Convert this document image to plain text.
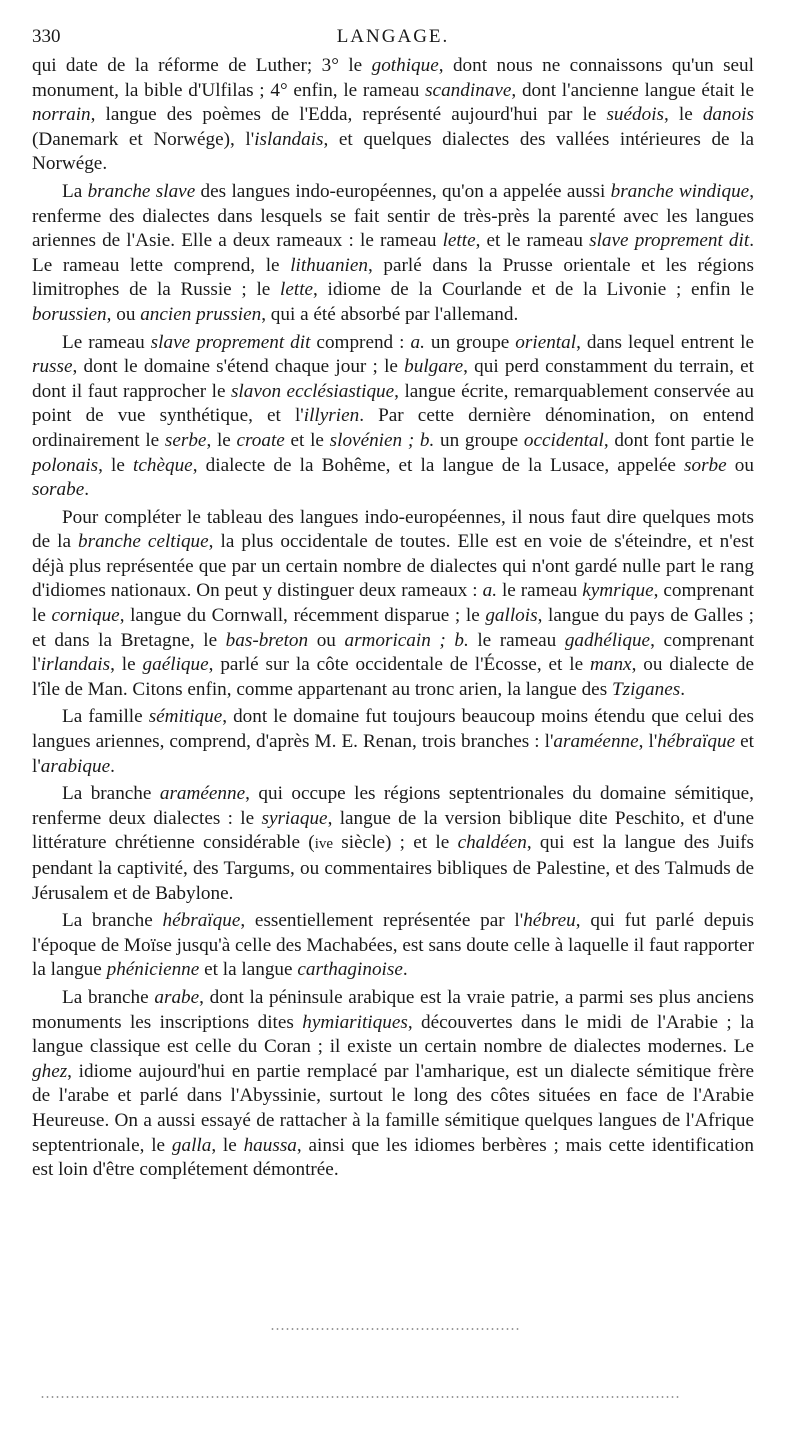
330	LANGAGE.

qui date de la réforme de Luther; 3° le gothique, dont nous ne connaissons qu'un seul monument, la bible d'Ulfilas ; 4° enfin, le rameau scandinave, dont l'ancienne langue était le norrain, langue des poèmes de l'Edda, représenté aujourd'hui par le suédois, le danois (Danemark et Norwége), l'islandais, et quelques dialectes des vallées intérieures de la Norwége.

La branche slave des langues indo-européennes, qu'on a appelée aussi branche windique, renferme des dialectes dans lesquels se fait sentir de très-près la parenté avec les langues ariennes de l'Asie. Elle a deux rameaux : le rameau lette, et le rameau slave proprement dit. Le rameau lette comprend, le lithuanien, parlé dans la Prusse orientale et les régions limitrophes de la Russie ; le lette, idiome de la Courlande et de la Livonie ; enfin le borussien, ou ancien prussien, qui a été absorbé par l'allemand.

Le rameau slave proprement dit comprend : a. un groupe oriental, dans lequel entrent le russe, dont le domaine s'étend chaque jour ; le bulgare, qui perd constamment du terrain, et dont il faut rapprocher le slavon ecclésiastique, langue écrite, remarquablement conservée au point de vue synthétique, et l'illyrien. Par cette dernière dénomination, on entend ordinairement le serbe, le croate et le slovénien ; b. un groupe occidental, dont font partie le polonais, le tchèque, dialecte de la Bohême, et la langue de la Lusace, appelée sorbe ou sorabe.

Pour compléter le tableau des langues indo-européennes, il nous faut dire quelques mots de la branche celtique, la plus occidentale de toutes. Elle est en voie de s'éteindre, et n'est déjà plus représentée que par un certain nombre de dialectes qui n'ont gardé nulle part le rang d'idiomes nationaux. On peut y distinguer deux rameaux : a. le rameau kymrique, comprenant le cornique, langue du Cornwall, récemment disparue ; le gallois, langue du pays de Galles ; et dans la Bretagne, le bas-breton ou armoricain ; b. le rameau gadhélique, comprenant l'irlandais, le gaélique, parlé sur la côte occidentale de l'Écosse, et le manx, ou dialecte de l'île de Man. Citons enfin, comme appartenant au tronc arien, la langue des Tziganes.

La famille sémitique, dont le domaine fut toujours beaucoup moins étendu que celui des langues ariennes, comprend, d'après M. E. Renan, trois branches : l'araméenne, l'hébraïque et l'arabique.

La branche araméenne, qui occupe les régions septentrionales du domaine sémitique, renferme deux dialectes : le syriaque, langue de la version biblique dite Peschito, et d'une littérature chrétienne considérable (ive siècle) ; et le chaldéen, qui est la langue des Juifs pendant la captivité, des Targums, ou commentaires bibliques de Palestine, et des Talmuds de Jérusalem et de Babylone.

La branche hébraïque, essentiellement représentée par l'hébreu, qui fut parlé depuis l'époque de Moïse jusqu'à celle des Machabées, est sans doute celle à laquelle il faut rapporter la langue phénicienne et la langue carthaginoise.

La branche arabe, dont la péninsule arabique est la vraie patrie, a parmi ses plus anciens monuments les inscriptions dites hymiaritiques, découvertes dans le midi de l'Arabie ; la langue classique est celle du Coran ; il existe un certain nombre de dialectes modernes. Le ghez, idiome aujourd'hui en partie remplacé par l'amharique, est un dialecte sémitique frère de l'arabe et parlé dans l'Abyssinie, surtout le long des côtes situées en face de l'Arabie Heureuse. On a aussi essayé de rattacher à la famille sémitique quelques langues de l'Afrique septentrionale, le galla, le haussa, ainsi que les idiomes berbères ; mais cette identification est loin d'être complétement démontrée.
